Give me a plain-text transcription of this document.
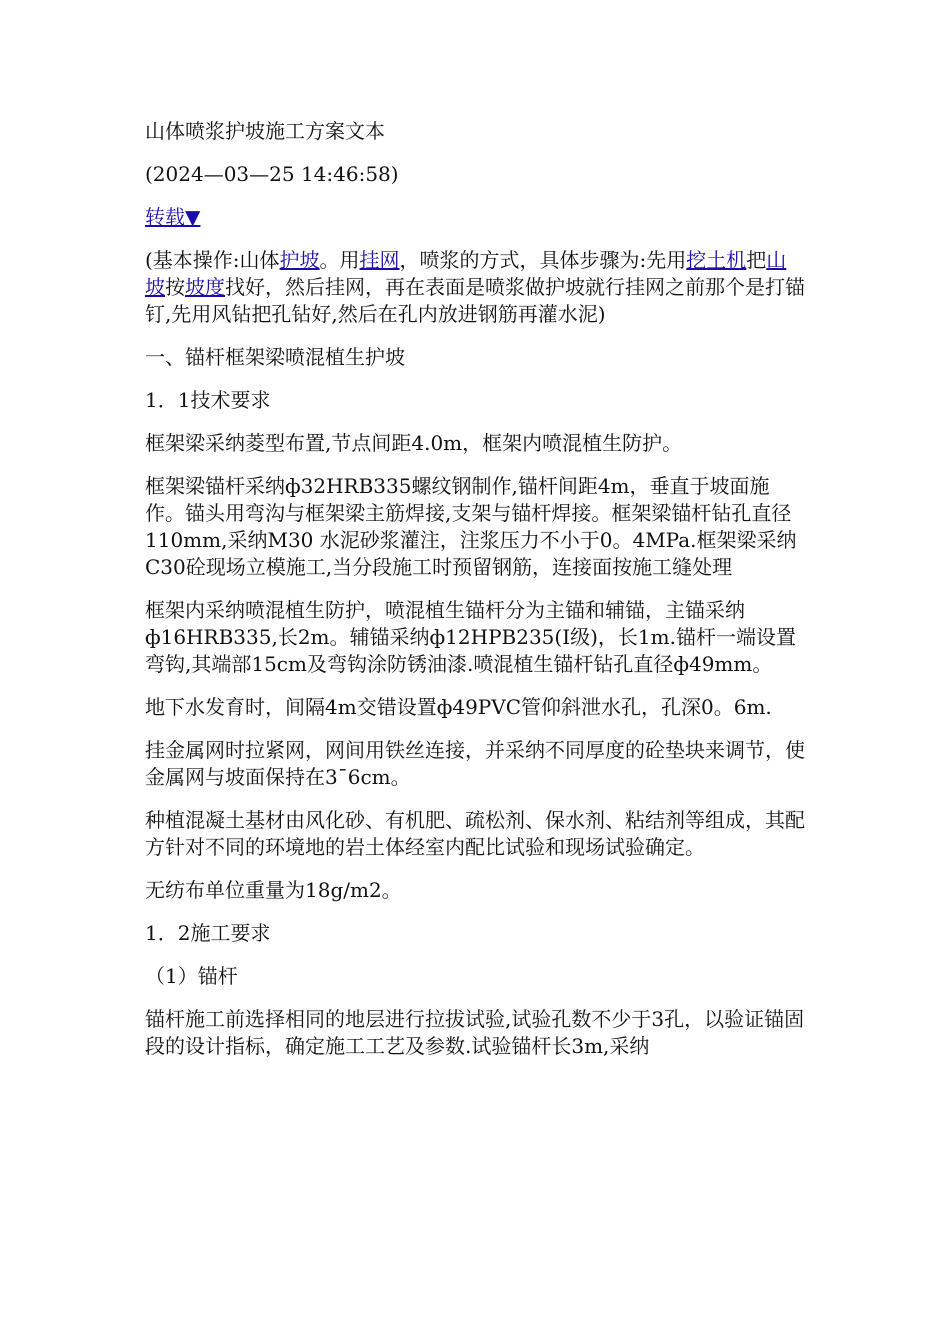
山体喷浆护坡施工方案文本

(2024—03—25 14:46:58)

转载▼

(基本操作:山体护坡。用挂网，喷浆的方式，具体步骤为:先用挖土机把山坡按坡度找好，然后挂网，再在表面是喷浆做护坡就行挂网之前那个是打锚钉,先用风钻把孔钻好,然后在孔内放进钢筋再灌水泥)

一、锚杆框架梁喷混植生护坡

1．1技术要求

框架梁采纳菱型布置,节点间距4.0m，框架内喷混植生防护。

框架梁锚杆采纳ф32HRB335螺纹钢制作,锚杆间距4m，垂直于坡面施作。锚头用弯沟与框架梁主筋焊接,支架与锚杆焊接。框架梁锚杆钻孔直径110mm,采纳M30 水泥砂浆灌注，注浆压力不小于0。4MPa.框架梁采纳C30砼现场立模施工,当分段施工时预留钢筋，连接面按施工缝处理

框架内采纳喷混植生防护，喷混植生锚杆分为主锚和辅锚，主锚采纳ф16HRB335,长2m。辅锚采纳ф12HPB235(I级)，长1m.锚杆一端设置弯钩,其端部15cm及弯钩涂防锈油漆.喷混植生锚杆钻孔直径ф49mm。

地下水发育时，间隔4m交错设置ф49PVC管仰斜泄水孔，孔深0。6m.

挂金属网时拉紧网，网间用铁丝连接，并采纳不同厚度的砼垫块来调节，使金属网与坡面保持在3¯6cm。

种植混凝土基材由风化砂、有机肥、疏松剂、保水剂、粘结剂等组成，其配方针对不同的环境地的岩土体经室内配比试验和现场试验确定。

无纺布单位重量为18g/m2。

1．2施工要求

（1）锚杆

锚杆施工前选择相同的地层进行拉拔试验,试验孔数不少于3孔，以验证锚固段的设计指标，确定施工工艺及参数.试验锚杆长3m,采纳
